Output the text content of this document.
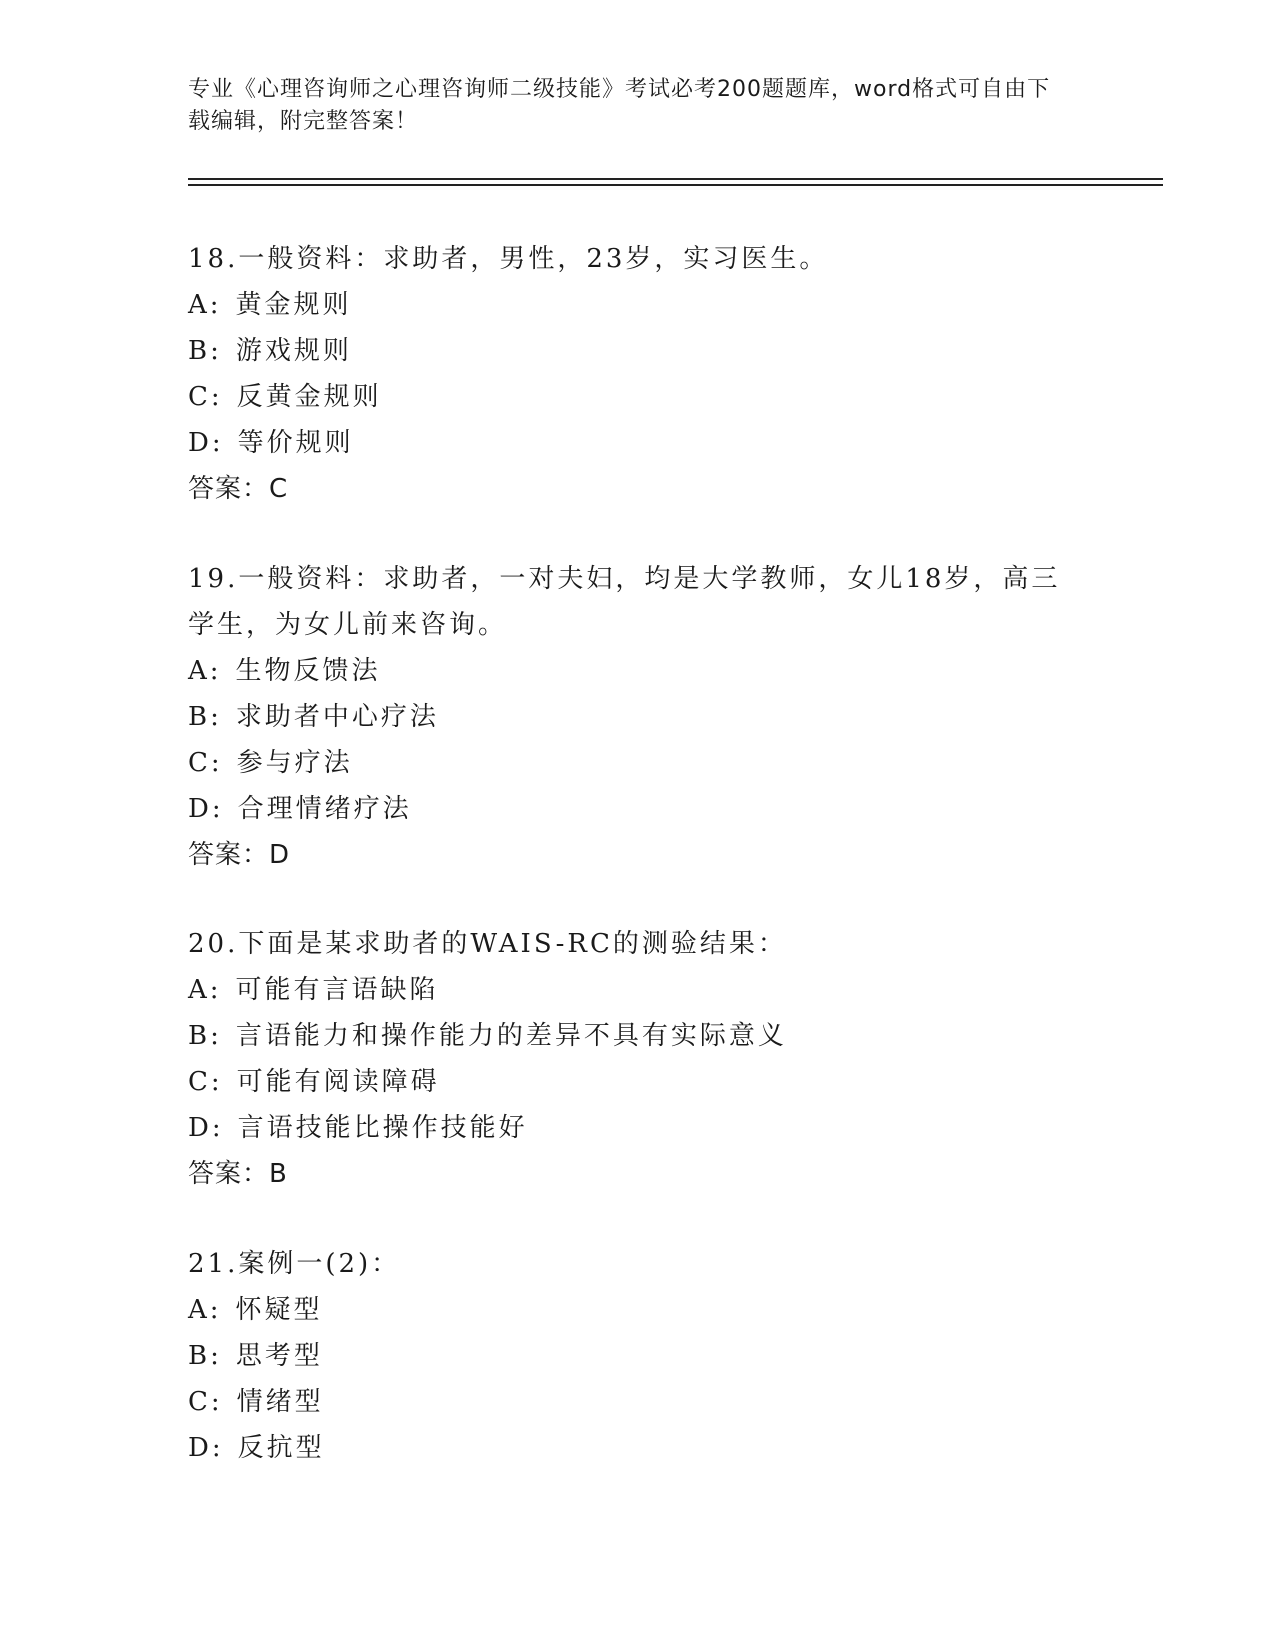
专业《心理咨询师之心理咨询师二级技能》考试必考200题题库，word格式可自由下载编辑，附完整答案！
18.一般资料：求助者，男性，23岁，实习医生。
A: 黄金规则
B: 游戏规则
C: 反黄金规则
D: 等价规则
答案：C
19.一般资料：求助者，一对夫妇，均是大学教师，女儿18岁，高三学生，为女儿前来咨询。
A: 生物反馈法
B: 求助者中心疗法
C: 参与疗法
D: 合理情绪疗法
答案：D
20.下面是某求助者的WAIS-RC的测验结果：
A: 可能有言语缺陷
B: 言语能力和操作能力的差异不具有实际意义
C: 可能有阅读障碍
D: 言语技能比操作技能好
答案：B
21.案例一(2)：
A: 怀疑型
B: 思考型
C: 情绪型
D: 反抗型
